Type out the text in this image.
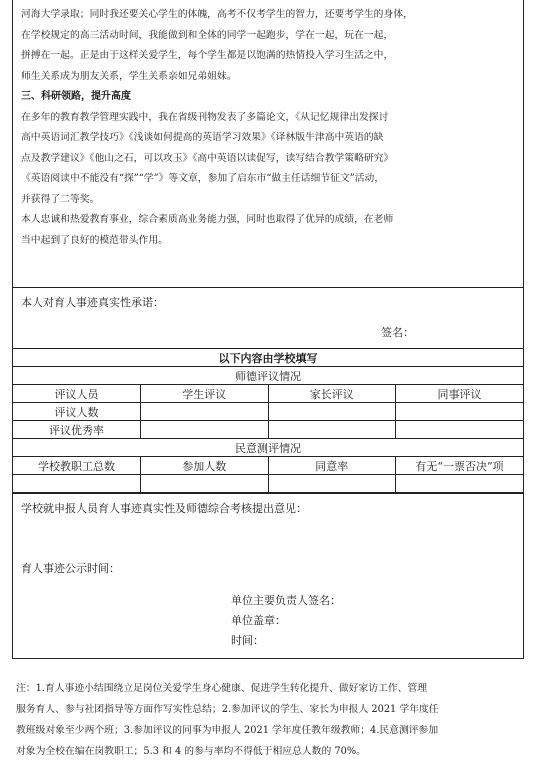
河海大学录取；同时我还要关心学生的体魄，高考不仅考学生的智力，还要考学生的身体，

在学校规定的高三活动时间，我能做到和全体的同学一起跑步，学在一起，玩在一起，

拼搏在一起。正是由于这样关爱学生，每个学生都是以饱满的热情投入学习生活之中，

师生关系成为朋友关系，学生关系亲如兄弟姐妹。

三、科研领路，提升高度

在多年的教育教学管理实践中，我在省级刊物发表了多篇论文，《从记忆规律出发探讨

高中英语词汇教学技巧》《浅谈如何提高的英语学习效果》《译林版牛津高中英语的缺

点及教学建议》《他山之石，可以攻玉》《高中英语以读促写，读写结合教学策略研究》

《英语阅读中不能没有“探”“学”》等文章，参加了启东市“做主任话细节征文”活动，

并获得了二等奖。

本人忠诚和热爱教育事业，综合素质高业务能力强，同时也取得了优异的成绩，在老师

当中起到了良好的模范带头作用。

本人对育人事迹真实性承诺：
签名：
以下内容由学校填写			
师德评议情况			
评议人员	学生评议	家长评议	同事评议
评议人数			
评议优秀率			
民意测评情况			
学校教职工总数	参加人数	同意率	有无“一票否决”项

学校就申报人员育人事迹真实性及师德综合考核提出意见：
育人事迹公示时间：
单位主要负责人签名：
单位盖章：
时间：
注：1.育人事迹小结围绕立足岗位关爱学生身心健康、促进学生转化提升、做好家访工作、管理
服务育人、参与社团指导等方面作写实性总结；2.参加评议的学生、家长为申报人 2021 学年度任
教班级对象至少两个班；3.参加评议的同事为申报人 2021 学年度任教年级教师；4.民意测评参加
对象为全校在编在岗教职工；5.3 和 4 的参与率均不得低于相应总人数的 70%。
